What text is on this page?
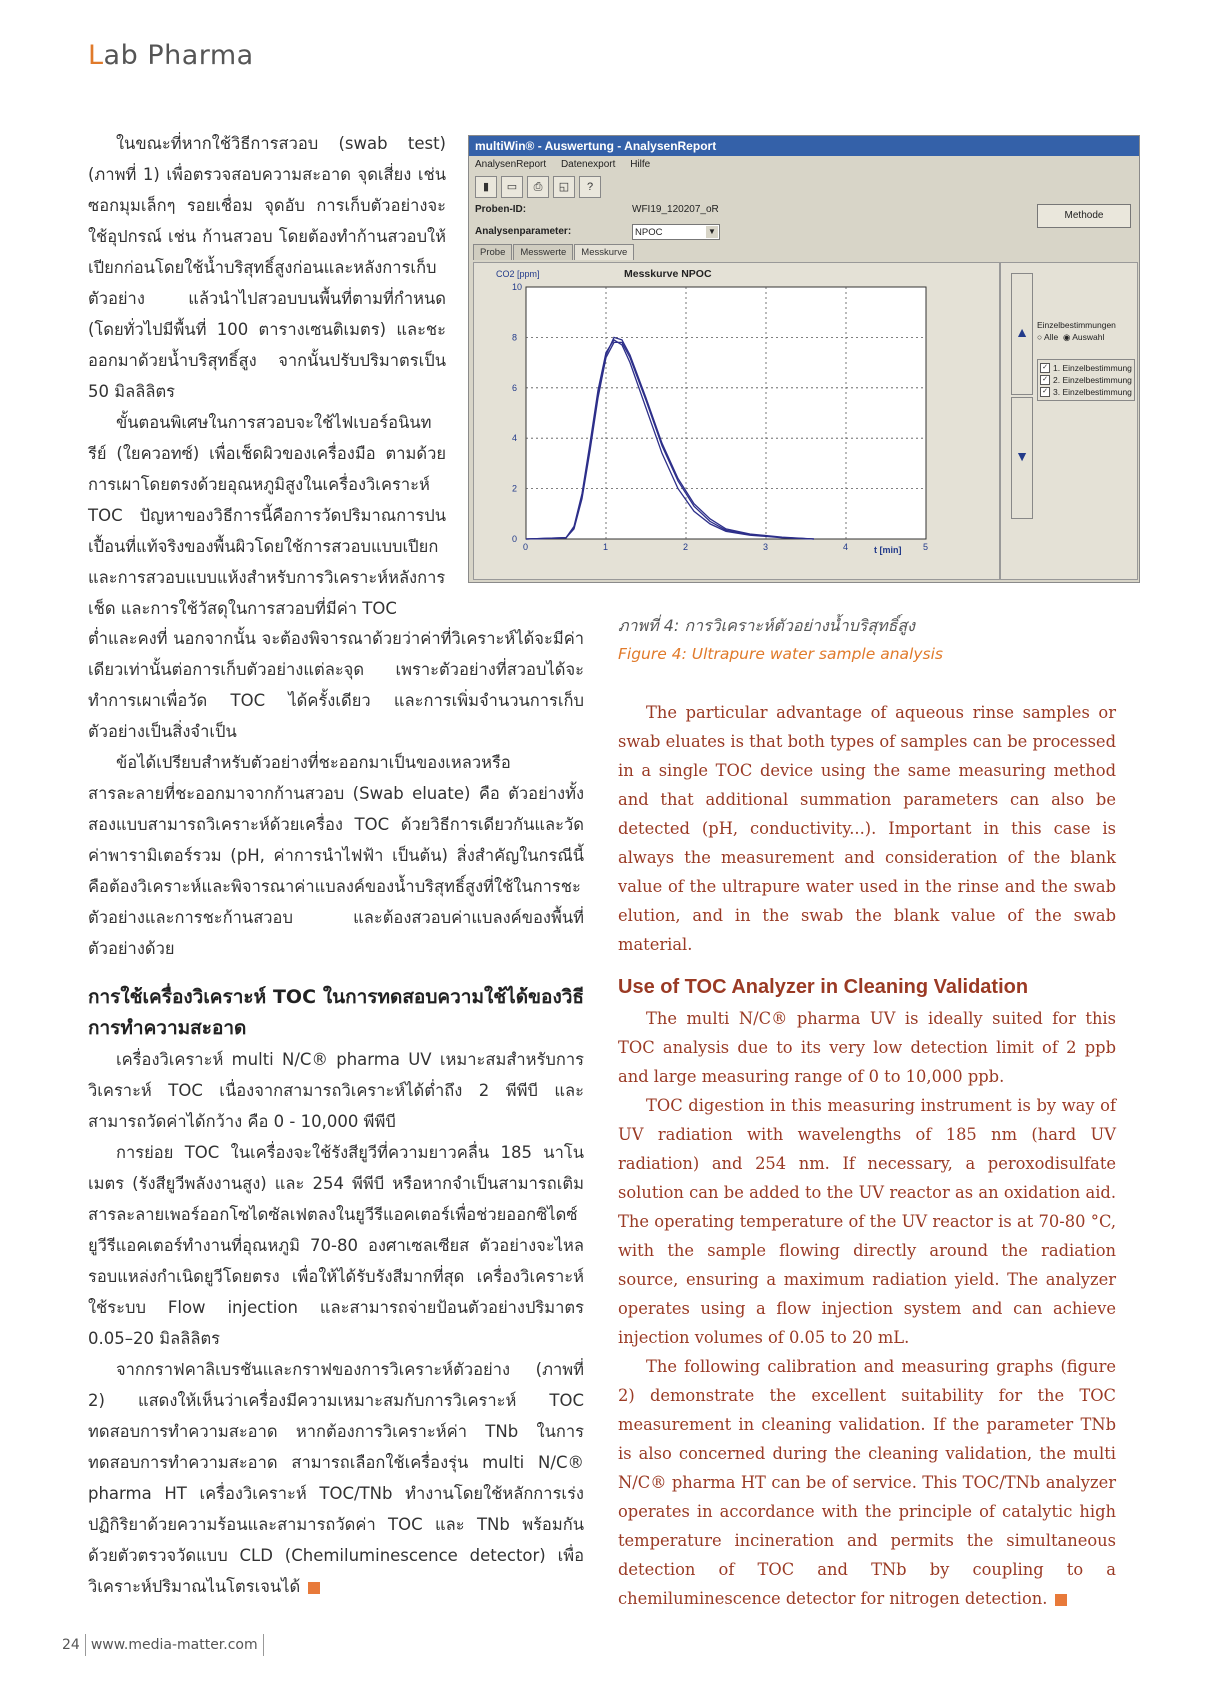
Lab Pharma

ในขณะที่หากใช้วิธีการสวอบ (swab test) (ภาพที่ 1) เพื่อตรวจสอบความสะอาด จุดเสี่ยง เช่น ซอกมุมเล็กๆ รอยเชื่อม จุดอับ การเก็บตัวอย่างจะใช้อุปกรณ์ เช่น ก้านสวอบ โดยต้องทำก้านสวอบให้เปียกก่อนโดยใช้น้ำบริสุทธิ์สูงก่อนและหลังการเก็บตัวอย่าง แล้วนำไปสวอบบนพื้นที่ตามที่กำหนด (โดยทั่วไปมีพื้นที่ 100 ตารางเซนติเมตร) และชะออกมาด้วยน้ำบริสุทธิ์สูง จากนั้นปรับปริมาตรเป็น 50 มิลลิลิตร

ขั้นตอนพิเศษในการสวอบจะใช้ไฟเบอร์อนินทรีย์ (ใยควอทซ์) เพื่อเช็ดผิวของเครื่องมือ ตามด้วยการเผาโดยตรงด้วยอุณหภูมิสูงในเครื่องวิเคราะห์ TOC ปัญหาของวิธีการนี้คือการวัดปริมาณการปนเปื้อนที่แท้จริงของพื้นผิวโดยใช้การสวอบแบบเปียกและการสวอบแบบแห้งสำหรับการวิเคราะห์หลังการเช็ด และการใช้วัสดุในการสวอบที่มีค่า TOC

ต่ำและคงที่ นอกจากนั้น จะต้องพิจารณาด้วยว่าค่าที่วิเคราะห์ได้จะมีค่าเดียวเท่านั้นต่อการเก็บตัวอย่างแต่ละจุด เพราะตัวอย่างที่สวอบได้จะทำการเผาเพื่อวัด TOC ได้ครั้งเดียว และการเพิ่มจำนวนการเก็บตัวอย่างเป็นสิ่งจำเป็น

ข้อได้เปรียบสำหรับตัวอย่างที่ชะออกมาเป็นของเหลวหรือสารละลายที่ชะออกมาจากก้านสวอบ (Swab eluate) คือ ตัวอย่างทั้งสองแบบสามารถวิเคราะห์ด้วยเครื่อง TOC ด้วยวิธีการเดียวกันและวัดค่าพารามิเตอร์รวม (pH, ค่าการนำไฟฟ้า เป็นต้น) สิ่งสำคัญในกรณีนี้คือต้องวิเคราะห์และพิจารณาค่าแบลงค์ของน้ำบริสุทธิ์สูงที่ใช้ในการชะตัวอย่างและการชะก้านสวอบ และต้องสวอบค่าแบลงค์ของพื้นที่ตัวอย่างด้วย

การใช้เครื่องวิเคราะห์ TOC ในการทดสอบความใช้ได้ของวิธีการทำความสะอาด

เครื่องวิเคราะห์ multi N/C® pharma UV เหมาะสมสำหรับการวิเคราะห์ TOC เนื่องจากสามารถวิเคราะห์ได้ต่ำถึง 2 พีพีบี และสามารถวัดค่าได้กว้าง คือ 0 - 10,000 พีพีบี

การย่อย TOC ในเครื่องจะใช้รังสียูวีที่ความยาวคลื่น 185 นาโนเมตร (รังสียูวีพลังงานสูง) และ 254 พีพีบี หรือหากจำเป็นสามารถเติมสารละลายเพอร์ออกโซไดซัลเฟตลงในยูวีรีแอคเตอร์เพื่อช่วยออกซิไดซ์ ยูวีรีแอคเตอร์ทำงานที่อุณหภูมิ 70-80 องศาเซลเซียส ตัวอย่างจะไหลรอบแหล่งกำเนิดยูวีโดยตรง เพื่อให้ได้รับรังสีมากที่สุด เครื่องวิเคราะห์ใช้ระบบ Flow injection และสามารถจ่ายป้อนตัวอย่างปริมาตร 0.05–20 มิลลิลิตร

จากกราฟคาลิเบรชันและกราฟของการวิเคราะห์ตัวอย่าง (ภาพที่ 2) แสดงให้เห็นว่าเครื่องมีความเหมาะสมกับการวิเคราะห์ TOC ทดสอบการทำความสะอาด หากต้องการวิเคราะห์ค่า TNb ในการทดสอบการทำความสะอาด สามารถเลือกใช้เครื่องรุ่น multi N/C® pharma HT เครื่องวิเคราะห์ TOC/TNb ทำงานโดยใช้หลักการเร่งปฏิกิริยาด้วยความร้อนและสามารถวัดค่า TOC และ TNb พร้อมกันด้วยตัวตรวจวัดแบบ CLD (Chemiluminescence detector) เพื่อวิเคราะห์ปริมาณไนโตรเจนได้

multiWin® - Auswertung - AnalysenReport
AnalysenReport Datenexport Hilfe
▮	▭	⎙	◱	?
Proben-ID:	WFI19_120207_oR
Analysenparameter:	NPOC	▼
Methode
Probe	Messwerte	Messkurve
CO2 [ppm]	Messkurve NPOC
t [min]
0	1	2	3	4	5
0
2
4
6
8
10
▲
▼
Einzelbestimmungen
○ Alle ◉ Auswahl
✓ 1. Einzelbestimmung
✓ 2. Einzelbestimmung
✓ 3. Einzelbestimmung
ภาพที่ 4: การวิเคราะห์ตัวอย่างน้ำบริสุทธิ์สูง
Figure 4: Ultrapure water sample analysis

The particular advantage of aqueous rinse samples or swab eluates is that both types of samples can be processed in a single TOC device using the same measuring method and that additional summation parameters can also be detected (pH, conductivity...). Important in this case is always the measurement and consideration of the blank value of the ultrapure water used in the rinse and the swab elution, and in the swab the blank value of the swab material.

Use of TOC Analyzer in Cleaning Validation

The multi N/C® pharma UV is ideally suited for this TOC analysis due to its very low detection limit of 2 ppb and large measuring range of 0 to 10,000 ppb.

TOC digestion in this measuring instrument is by way of UV radiation with wavelengths of 185 nm (hard UV radiation) and 254 nm. If necessary, a peroxodisulfate solution can be added to the UV reactor as an oxidation aid. The operating temperature of the UV reactor is at 70-80 °C, with the sample flowing directly around the radiation source, ensuring a maximum radiation yield. The analyzer operates using a flow injection system and can achieve injection volumes of 0.05 to 20 mL.

The following calibration and measuring graphs (figure 2) demonstrate the excellent suitability for the TOC measurement in cleaning validation. If the parameter TNb is also concerned during the cleaning validation, the multi N/C® pharma HT can be of service. This TOC/TNb analyzer operates in accordance with the principle of catalytic high temperature incineration and permits the simultaneous detection of TOC and TNb by coupling to a chemiluminescence detector for nitrogen detection.

24 www.media-matter.com
